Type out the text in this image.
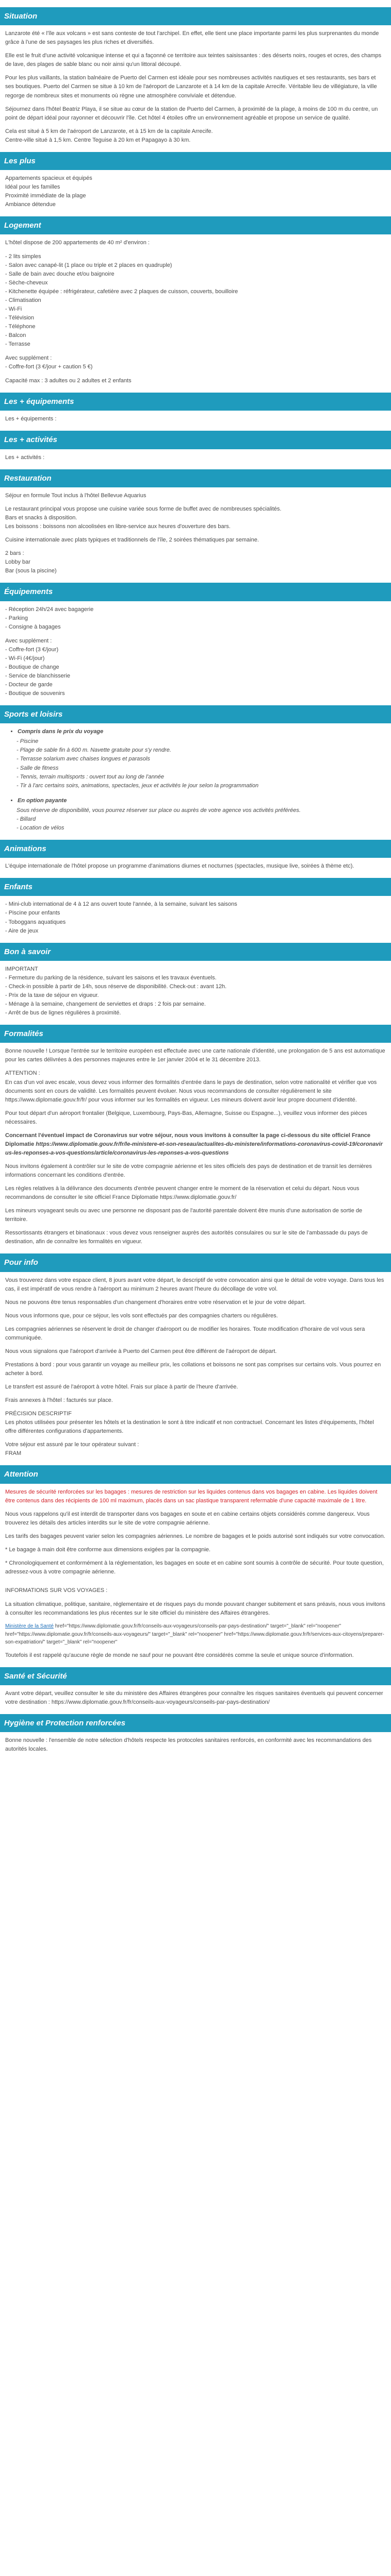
Situation

Lanzarote été « l'île aux volcans » est sans conteste de tout l'archipel. En effet, elle tient une place importante parmi les plus surprenantes du monde grâce à l'une de ses paysages les plus riches et diversifiés.

Elle est le fruit d'une activité volcanique intense et qui a façonné ce territoire aux teintes saisissantes : des déserts noirs, rouges et ocres, des champs de lave, des plages de sable blanc ou noir ainsi qu'un littoral découpé.

Pour les plus vaillants, la station balnéaire de Puerto del Carmen est idéale pour ses nombreuses activités nautiques et ses restaurants, ses bars et ses boutiques. Puerto del Carmen se situe à 10 km de l'aéroport de Lanzarote et à 14 km de la capitale Arrecife. Véritable lieu de villégiature, la ville regorge de nombreux sites et monuments où règne une atmosphère conviviale et détendue.

Séjournez dans l'hôtel Beatriz Playa, il se situe au cœur de la station de Puerto del Carmen, à proximité de la plage, à moins de 100 m du centre, un point de départ idéal pour rayonner et découvrir l'île. Cet hôtel 4 étoiles offre un environnement agréable et propose un service de qualité.

Cela est situé à 5 km de l'aéroport de Lanzarote, et à 15 km de la capitale Arrecife.

Centre-ville situé à 1,5 km. Centre Teguise à 20 km et Papagayo à 30 km.

Les plus
Appartements spacieux et équipés
Idéal pour les familles
Proximité immédiate de la plage
Ambiance détendue
Logement

L'hôtel dispose de 200 appartements de 40 m² d'environ :

- 2 lits simples
- Salon avec canapé-lit (1 place ou triple et 2 places en quadruple)
- Salle de bain avec douche et/ou baignoire
- Sèche-cheveux
- Kitchenette équipée : réfrigérateur, cafetière avec 2 plaques de cuisson, couverts, bouilloire
- Climatisation
- Wi-Fi
- Télévision
- Téléphone
- Balcon
- Terrasse
Avec supplément :
- Coffre-fort (3 €/jour + caution 5 €)
Capacité max : 3 adultes ou 2 adultes et 2 enfants
Les + équipements
Les + équipements :
Les + activités
Les + activités :
Restauration

Séjour en formule Tout inclus à l'hôtel Bellevue Aquarius

Le restaurant principal vous propose une cuisine variée sous forme de buffet avec de nombreuses spécialités.

Bars et snacks à disposition.

Les boissons : boissons non alcoolisées en libre-service aux heures d'ouverture des bars.

Cuisine internationale avec plats typiques et traditionnels de l'île, 2 soirées thématiques par semaine.

2 bars :
Lobby bar
Bar (sous la piscine)
Équipements
- Réception 24h/24 avec bagagerie
- Parking
- Consigne à bagages
Avec supplément :
- Coffre-fort (3 €/jour)
- Wi-Fi (4€/jour)
- Boutique de change
- Service de blanchisserie
- Docteur de garde
- Boutique de souvenirs
Sports et loisirs
• Compris dans le prix du voyage
- Piscine
- Plage de sable fin à 600 m. Navette gratuite pour s'y rendre.
- Terrasse solarium avec chaises longues et parasols
- Salle de fitness
- Tennis, terrain multisports : ouvert tout au long de l'année
- Tir à l'arc certains soirs, animations, spectacles, jeux et activités le jour selon la programmation
• En option payante
Sous réserve de disponibilité, vous pourrez réserver sur place ou auprès de votre agence vos activités préférées.
- Billard
- Location de vélos
Animations

L'équipe internationale de l'hôtel propose un programme d'animations diurnes et nocturnes (spectacles, musique live, soirées à thème etc).

Enfants
- Mini-club international de 4 à 12 ans ouvert toute l'année, à la semaine, suivant les saisons
- Piscine pour enfants
- Toboggans aquatiques
- Aire de jeux
Bon à savoir
IMPORTANT
- Fermeture du parking de la résidence, suivant les saisons et les travaux éventuels.
- Check-in possible à partir de 14h, sous réserve de disponibilité. Check-out : avant 12h.
- Prix de la taxe de séjour en vigueur.
- Ménage à la semaine, changement de serviettes et draps : 2 fois par semaine.
- Arrêt de bus de lignes régulières à proximité.
Formalités

Bonne nouvelle ! Lorsque l'entrée sur le territoire européen est effectuée avec une carte nationale d'identité, une prolongation de 5 ans est automatique pour les cartes délivrées à des personnes majeures entre le 1er janvier 2004 et le 31 décembre 2013.

ATTENTION :

En cas d'un vol avec escale, vous devez vous informer des formalités d'entrée dans le pays de destination, selon votre nationalité et vérifier que vos documents sont en cours de validité. Les formalités peuvent évoluer. Nous vous recommandons de consulter régulièrement le site https://www.diplomatie.gouv.fr/fr/ pour vous informer sur les formalités en vigueur. Les mineurs doivent avoir leur propre document d'identité.

Pour tout départ d'un aéroport frontalier (Belgique, Luxembourg, Pays-Bas, Allemagne, Suisse ou Espagne...), veuillez vous informer des pièces nécessaires.

Concernant l'éventuel impact de Coronavirus sur votre séjour, nous vous invitons à consulter la page ci-dessous du site officiel France Diplomatie https://www.diplomatie.gouv.fr/fr/le-ministere-et-son-reseau/actualites-du-ministere/informations-coronavirus-covid-19/coronavirus-les-reponses-a-vos-questions/article/coronavirus-les-reponses-a-vos-questions

Nous invitons également à contrôler sur le site de votre compagnie aérienne et les sites officiels des pays de destination et de transit les dernières informations concernant les conditions d'entrée.

Les règles relatives à la délivrance des documents d'entrée peuvent changer entre le moment de la réservation et celui du départ. Nous vous recommandons de consulter le site officiel France Diplomatie https://www.diplomatie.gouv.fr/

Les mineurs voyageant seuls ou avec une personne ne disposant pas de l'autorité parentale doivent être munis d'une autorisation de sortie de territoire.

Ressortissants étrangers et binationaux : vous devez vous renseigner auprès des autorités consulaires ou sur le site de l'ambassade du pays de destination, afin de connaître les formalités en vigueur.

Pour info

Vous trouverez dans votre espace client, 8 jours avant votre départ, le descriptif de votre convocation ainsi que le détail de votre voyage. Dans tous les cas, il est impératif de vous rendre à l'aéroport au minimum 2 heures avant l'heure du décollage de votre vol.

Nous ne pouvons être tenus responsables d'un changement d'horaires entre votre réservation et le jour de votre départ.

Nous vous informons que, pour ce séjour, les vols sont effectués par des compagnies charters ou régulières.

Les compagnies aériennes se réservent le droit de changer d'aéroport ou de modifier les horaires. Toute modification d'horaire de vol vous sera communiquée.

Nous vous signalons que l'aéroport d'arrivée à Puerto del Carmen peut être différent de l'aéroport de départ.

Prestations à bord : pour vous garantir un voyage au meilleur prix, les collations et boissons ne sont pas comprises sur certains vols. Vous pourrez en acheter à bord.

Le transfert est assuré de l'aéroport à votre hôtel. Frais sur place à partir de l'heure d'arrivée.

Frais annexes à l'hôtel : facturés sur place.

PRÉCISION DESCRIPTIF

Les photos utilisées pour présenter les hôtels et la destination le sont à titre indicatif et non contractuel. Concernant les listes d'équipements, l'hôtel offre différentes configurations d'appartements.

Votre séjour est assuré par le tour opérateur suivant :
FRAM
Attention

Mesures de sécurité renforcées sur les bagages : mesures de restriction sur les liquides contenus dans vos bagages en cabine. Les liquides doivent être contenus dans des récipients de 100 ml maximum, placés dans un sac plastique transparent refermable d'une capacité maximale de 1 litre.

Nous vous rappelons qu'il est interdit de transporter dans vos bagages en soute et en cabine certains objets considérés comme dangereux. Vous trouverez les détails des articles interdits sur le site de votre compagnie aérienne.

Les tarifs des bagages peuvent varier selon les compagnies aériennes. Le nombre de bagages et le poids autorisé sont indiqués sur votre convocation.

* Le bagage à main doit être conforme aux dimensions exigées par la compagnie.

* Chronologiquement et conformément à la réglementation, les bagages en soute et en cabine sont soumis à contrôle de sécurité. Pour toute question, adressez-vous à votre compagnie aérienne.

INFORMATIONS SUR VOS VOYAGES :

La situation climatique, politique, sanitaire, réglementaire et de risques pays du monde pouvant changer subitement et sans préavis, nous vous invitons à consulter les recommandations les plus récentes sur le site officiel du ministère des Affaires étrangères.

Ministère de la Santé href="https://www.diplomatie.gouv.fr/fr/conseils-aux-voyageurs/conseils-par-pays-destination/" target="_blank" rel="noopener" href="https://www.diplomatie.gouv.fr/fr/conseils-aux-voyageurs/" target="_blank" rel="noopener" href="https://www.diplomatie.gouv.fr/fr/services-aux-citoyens/preparer-son-expatriation/" target="_blank" rel="noopener"

Toutefois il est rappelé qu'aucune règle de monde ne sauf pour ne pouvant être considérés comme la seule et unique source d'information.

Santé et Sécurité

Avant votre départ, veuillez consulter le site du ministère des Affaires étrangères pour connaître les risques sanitaires éventuels qui peuvent concerner votre destination : https://www.diplomatie.gouv.fr/fr/conseils-aux-voyageurs/conseils-par-pays-destination/

Hygiène et Protection renforcées

Bonne nouvelle : l'ensemble de notre sélection d'hôtels respecte les protocoles sanitaires renforcés, en conformité avec les recommandations des autorités locales.
